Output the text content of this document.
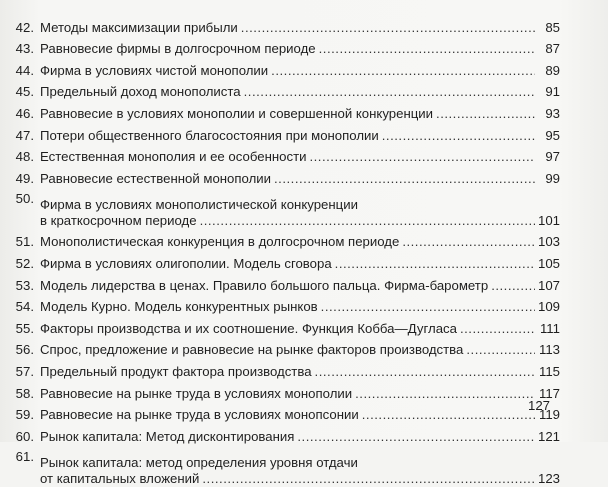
42. Методы максимизации прибыли .....	85
43. Равновесие фирмы в долгосрочном периоде .....	87
44. Фирма в условиях чистой монополии .....	89
45. Предельный доход монополиста .....	91
46. Равновесие в условиях монополии и совершенной конкуренции .....	93
47. Потери общественного благосостояния при монополии .....	95
48. Естественная монополия и ее особенности .....	97
49. Равновесие естественной монополии .....	99
50. Фирма в условиях монополистической конкуренции
в краткосрочном периоде .....	101
51. Монополистическая конкуренция в долгосрочном периоде .....	103
52. Фирма в условиях олигополии. Модель сговора .....	105
53. Модель лидерства в ценах. Правило большого пальца. Фирма-барометр .....	107
54. Модель Курно. Модель конкурентных рынков .....	109
55. Факторы производства и их соотношение. Функция Кобба—Дугласа .....	111
56. Спрос, предложение и равновесие на рынке факторов производства .....	113
57. Предельный продукт фактора производства .....	115
58. Равновесие на рынке труда в условиях монополии .....	117
59. Равновесие на рынке труда в условиях монопсонии .....	119
60. Рынок капитала: Метод дисконтирования .....	121
61. Рынок капитала: метод определения уровня отдачи
от капитальных вложений .....	123
127
